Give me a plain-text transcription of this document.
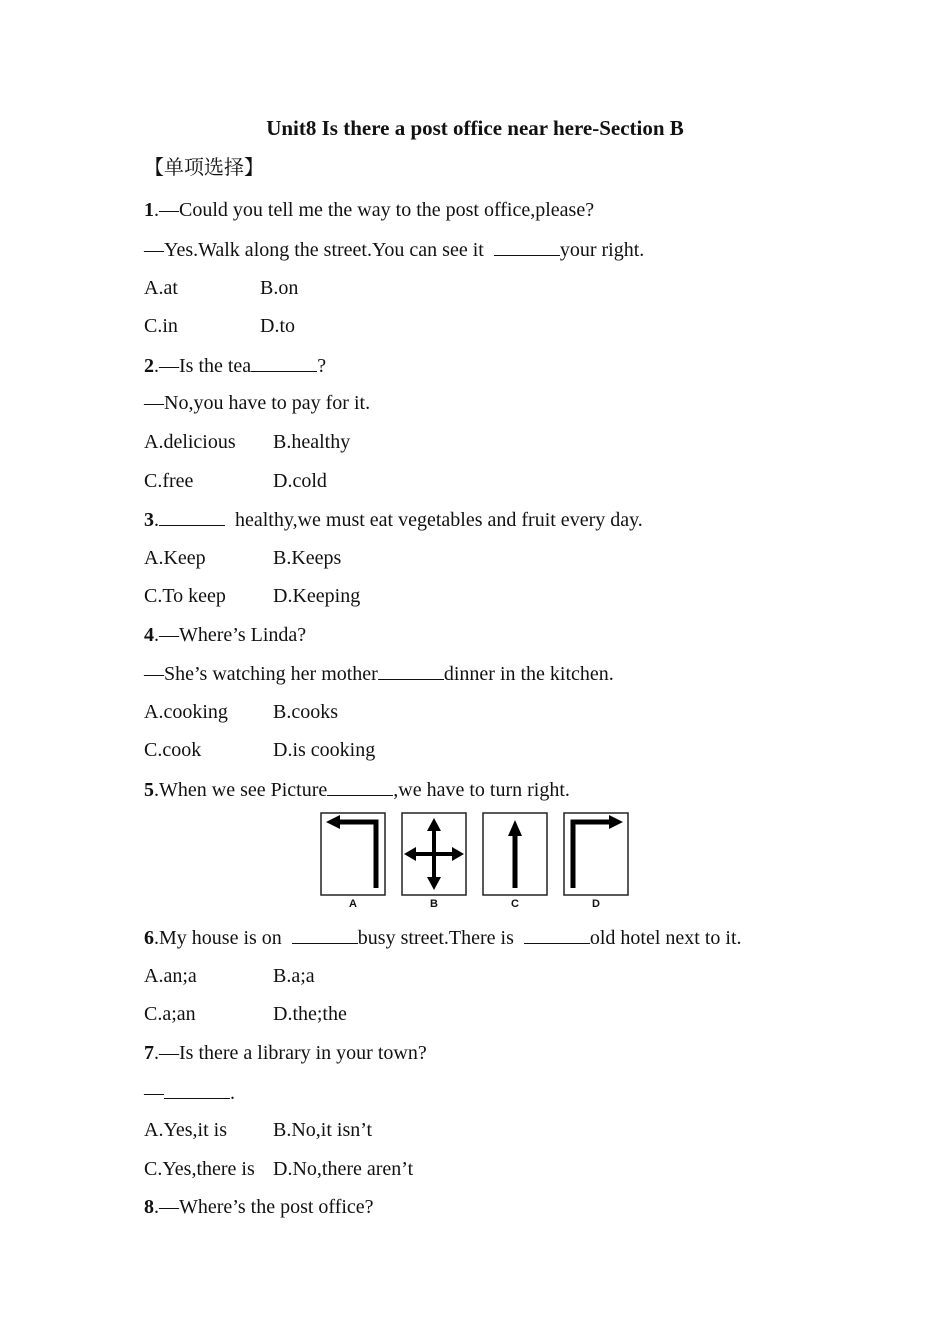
Unit8 Is there a post office near here-Section B
【单项选择】
1.—Could you tell me the way to the post office,please?
—Yes.Walk along the street.You can see it	your right.
A.at	B.on
C.in	D.to
2.—Is the tea	?
—No,you have to pay for it.
A.delicious B.healthy
C.free	D.cold
3.	healthy,we must eat vegetables and fruit every day.
A.Keep	B.Keeps
C.To keep D.Keeping
4.—Where’s Linda?
—She’s watching her mother	dinner in the kitchen.
A.cooking B.cooks
C.cook	D.is cooking
5.When we see Picture	,we have to turn right.
A	B	C	D
6.My house is on	busy street.There is	old hotel next to it.
A.an;a	B.a;a
C.a;an	D.the;the
7.—Is there a library in your town?
—	.
A.Yes,it is B.No,it isn’t
C.Yes,there is D.No,there aren’t
8.—Where’s the post office?
